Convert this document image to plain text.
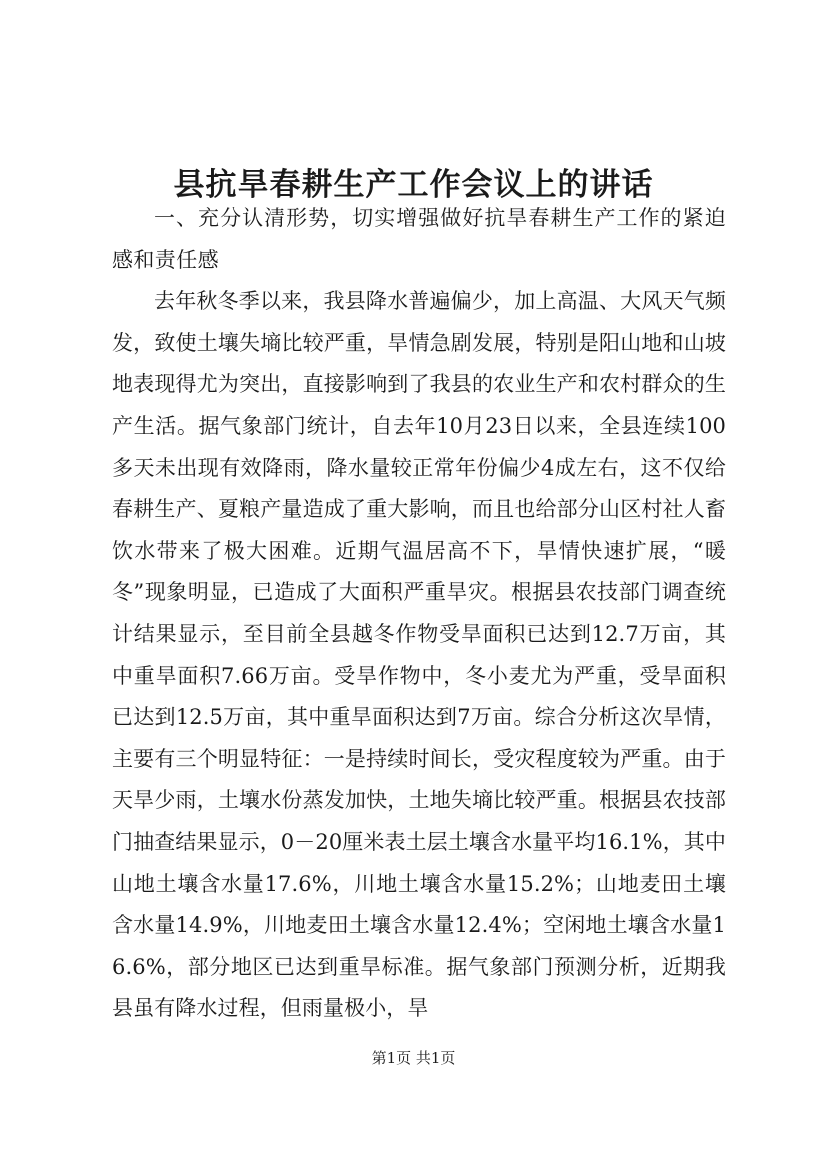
县抗旱春耕生产工作会议上的讲话

一、充分认清形势，切实增强做好抗旱春耕生产工作的紧迫感和责任感

去年秋冬季以来，我县降水普遍偏少，加上高温、大风天气频发，致使土壤失墒比较严重，旱情急剧发展，特别是阳山地和山坡地表现得尤为突出，直接影响到了我县的农业生产和农村群众的生产生活。据气象部门统计，自去年10月23日以来，全县连续100多天未出现有效降雨，降水量较正常年份偏少4成左右，这不仅给春耕生产、夏粮产量造成了重大影响，而且也给部分山区村社人畜饮水带来了极大困难。近期气温居高不下，旱情快速扩展，“暖冬”现象明显，已造成了大面积严重旱灾。根据县农技部门调查统计结果显示，至目前全县越冬作物受旱面积已达到12.7万亩，其中重旱面积7.66万亩。受旱作物中，冬小麦尤为严重，受旱面积已达到12.5万亩，其中重旱面积达到7万亩。综合分析这次旱情，主要有三个明显特征：一是持续时间长，受灾程度较为严重。由于天旱少雨，土壤水份蒸发加快，土地失墒比较严重。根据县农技部门抽查结果显示，0－20厘米表土层土壤含水量平均16.1%，其中山地土壤含水量17.6%，川地土壤含水量15.2%；山地麦田土壤含水量14.9%，川地麦田土壤含水量12.4%；空闲地土壤含水量16.6%，部分地区已达到重旱标准。据气象部门预测分析，近期我县虽有降水过程，但雨量极小，旱

第1页 共1页
